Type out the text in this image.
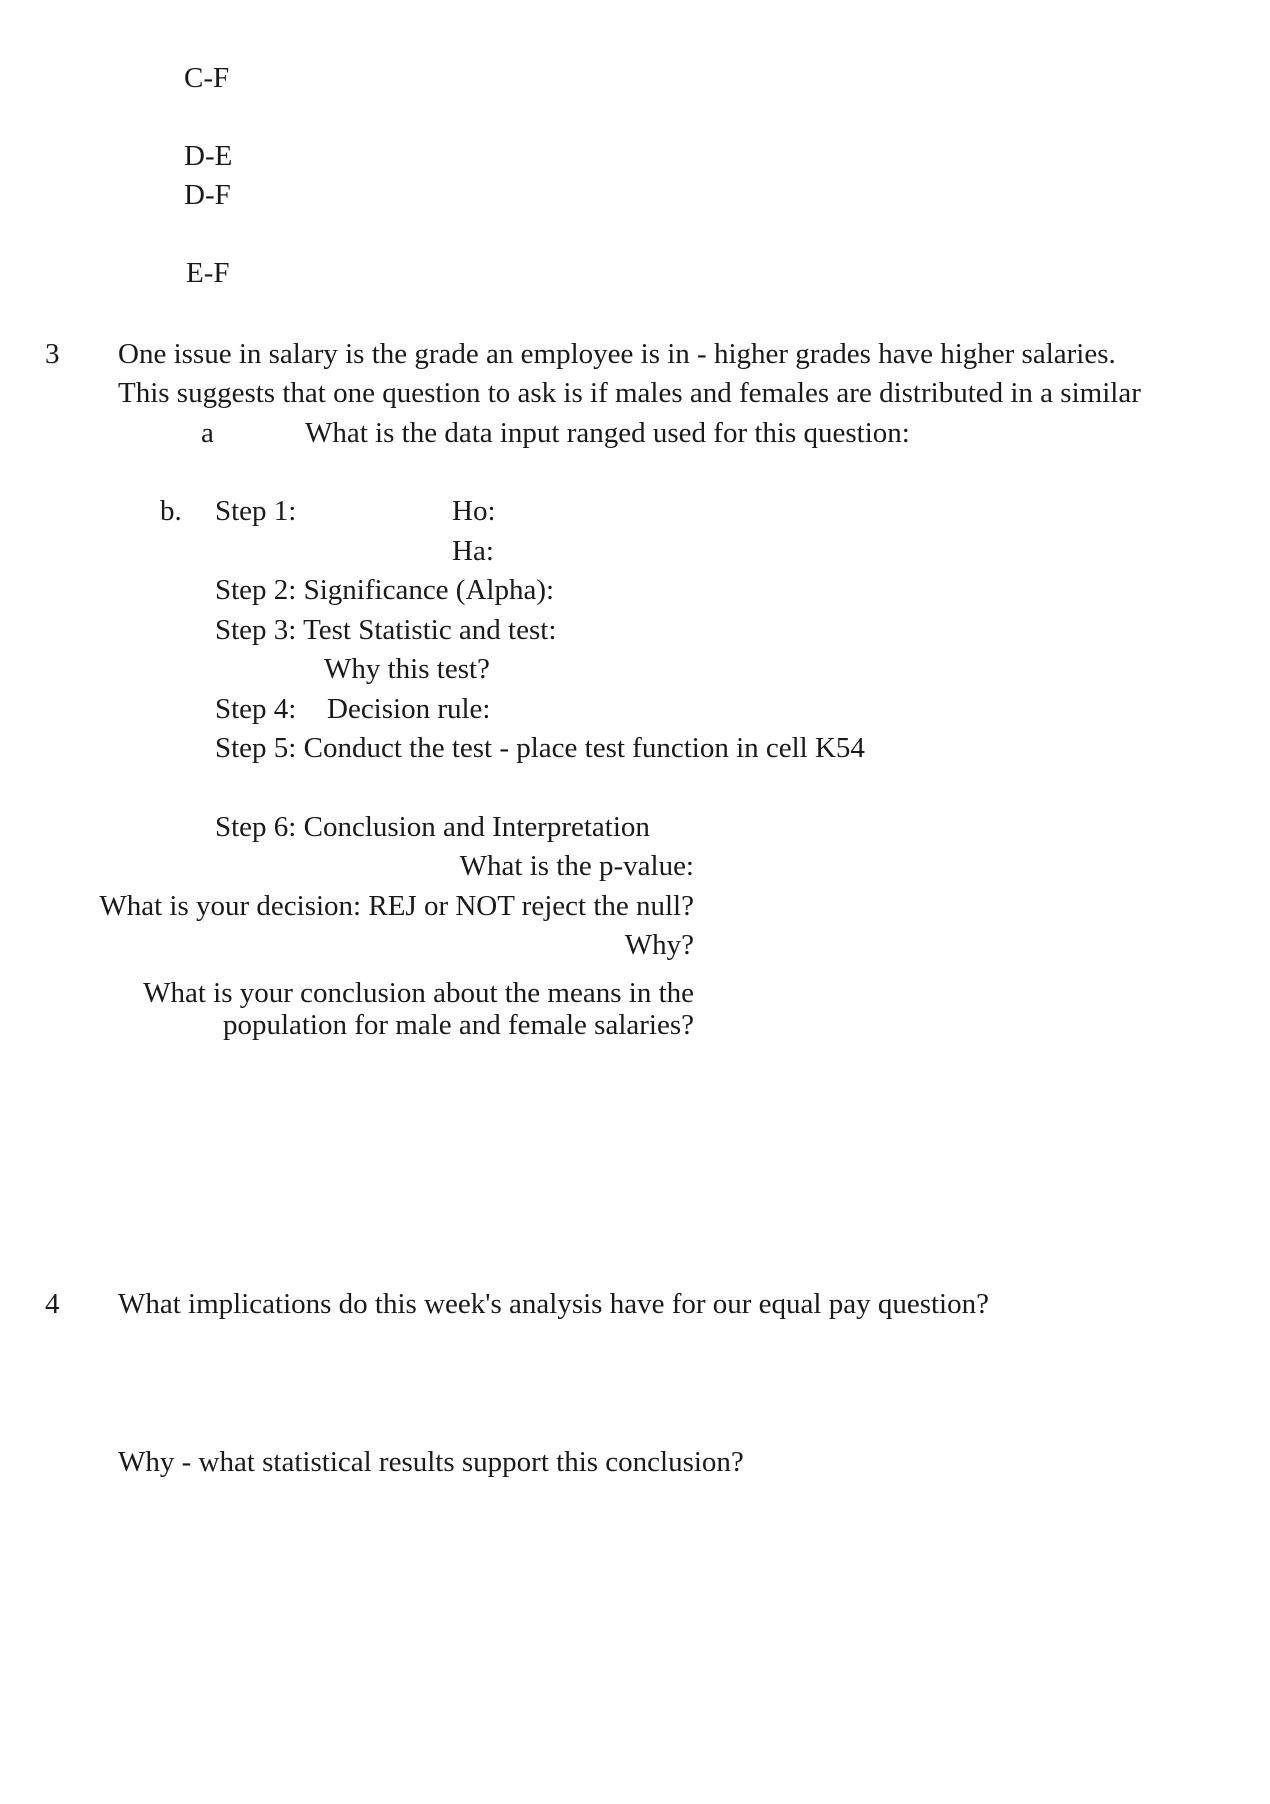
C-F
D-E
D-F
E-F
3 One issue in salary is the grade an employee is in - higher grades have higher salaries.
This suggests that one question to ask is if males and females are distributed in a similar
a	What is the data input ranged used for this question:
b. Step 1:	Ho:
Ha:
Step 2: Significance (Alpha):
Step 3: Test Statistic and test:
Why this test?
Step 4: Decision rule:
Step 5: Conduct the test - place test function in cell K54
Step 6: Conclusion and Interpretation
What is the p-value:
What is your decision: REJ or NOT reject the null?
Why?
What is your conclusion about the means in the
population for male and female salaries?
4 What implications do this week's analysis have for our equal pay question?
Why - what statistical results support this conclusion?
